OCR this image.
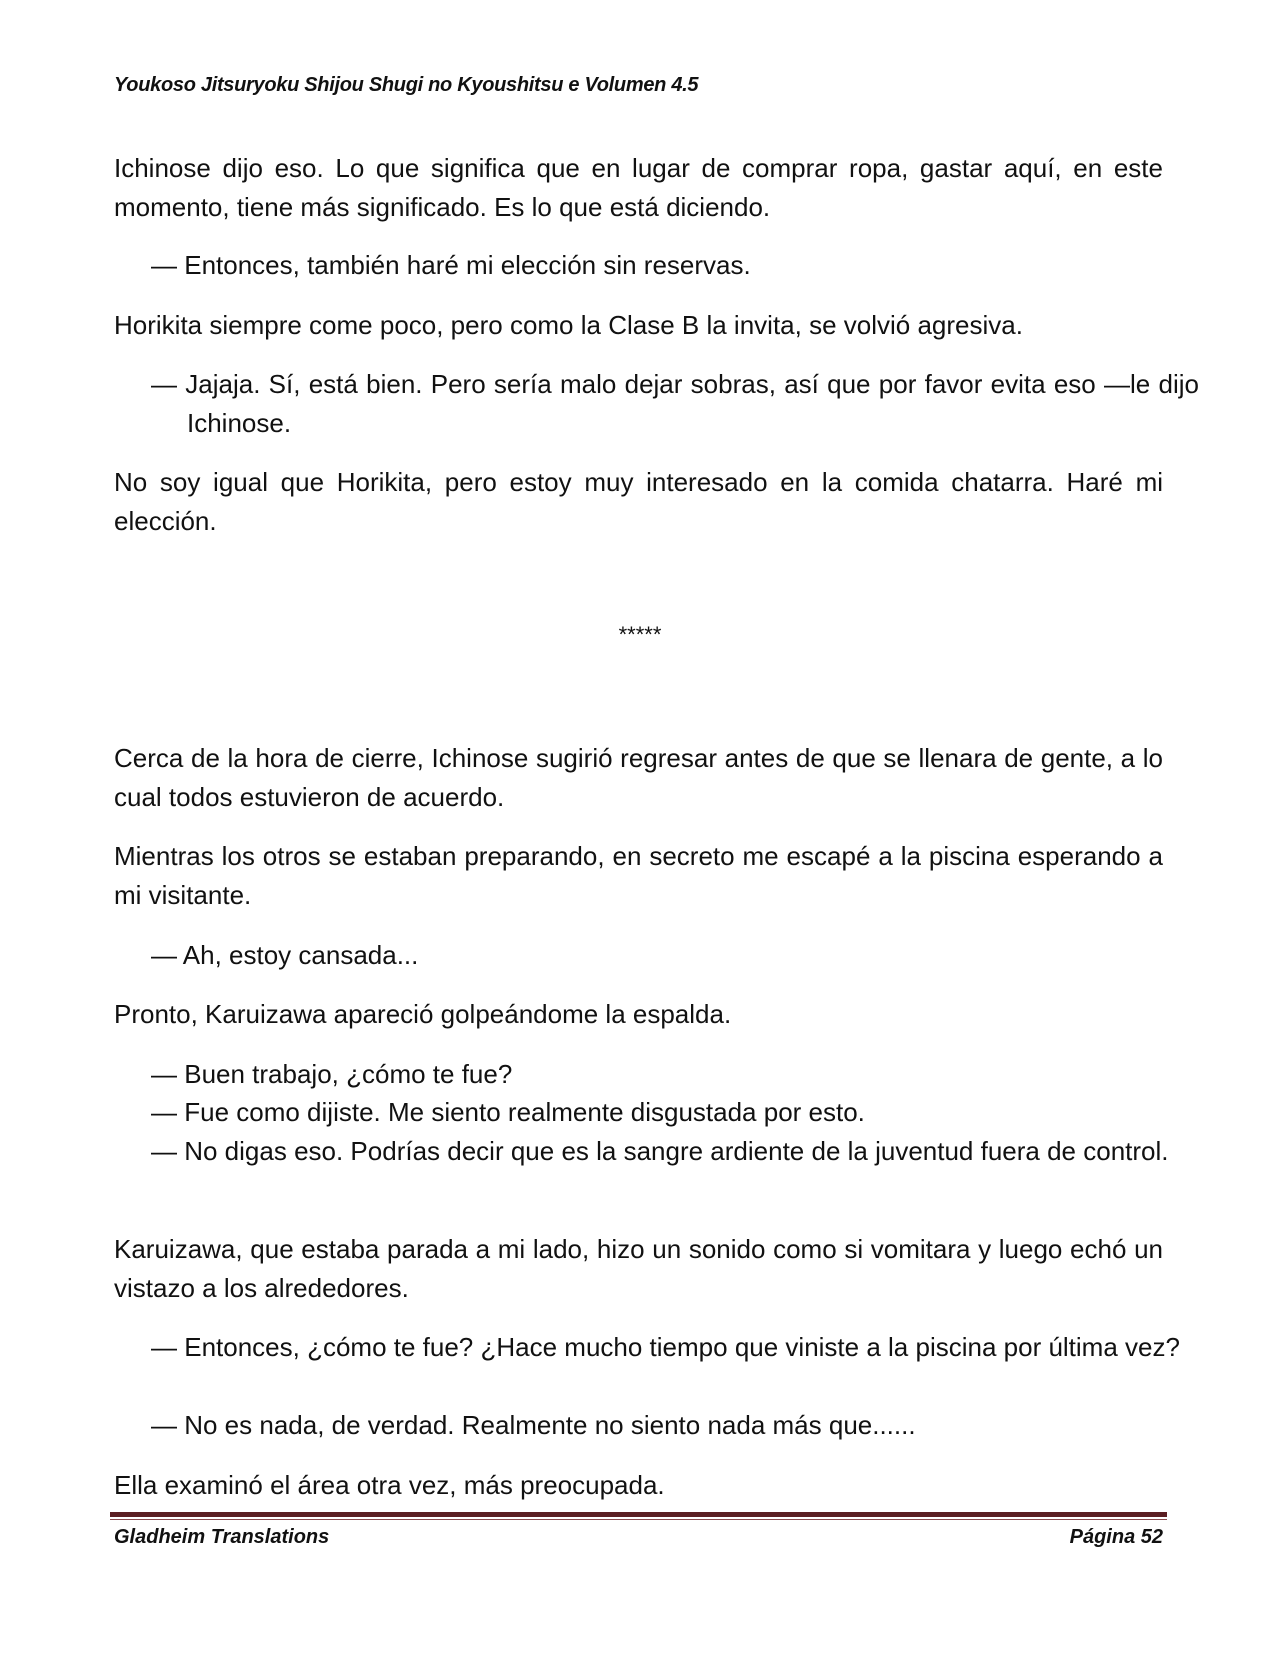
Youkoso Jitsuryoku Shijou Shugi no Kyoushitsu e Volumen 4.5
Ichinose dijo eso. Lo que significa que en lugar de comprar ropa, gastar aquí, en este momento, tiene más significado. Es lo que está diciendo.
— Entonces, también haré mi elección sin reservas.
Horikita siempre come poco, pero como la Clase B la invita, se volvió agresiva.
— Jajaja. Sí, está bien. Pero sería malo dejar sobras, así que por favor evita eso —le dijo Ichinose.
No soy igual que Horikita, pero estoy muy interesado en la comida chatarra. Haré mi elección.
*****
Cerca de la hora de cierre, Ichinose sugirió regresar antes de que se llenara de gente, a lo cual todos estuvieron de acuerdo.
Mientras los otros se estaban preparando, en secreto me escapé a la piscina esperando a mi visitante.
— Ah, estoy cansada...
Pronto, Karuizawa apareció golpeándome la espalda.
— Buen trabajo, ¿cómo te fue?
— Fue como dijiste. Me siento realmente disgustada por esto.
— No digas eso. Podrías decir que es la sangre ardiente de la juventud fuera de control.
Karuizawa, que estaba parada a mi lado, hizo un sonido como si vomitara y luego echó un vistazo a los alrededores.
— Entonces, ¿cómo te fue? ¿Hace mucho tiempo que viniste a la piscina por última vez?
— No es nada, de verdad. Realmente no siento nada más que......
Ella examinó el área otra vez, más preocupada.
Gladheim Translations	Página 52
